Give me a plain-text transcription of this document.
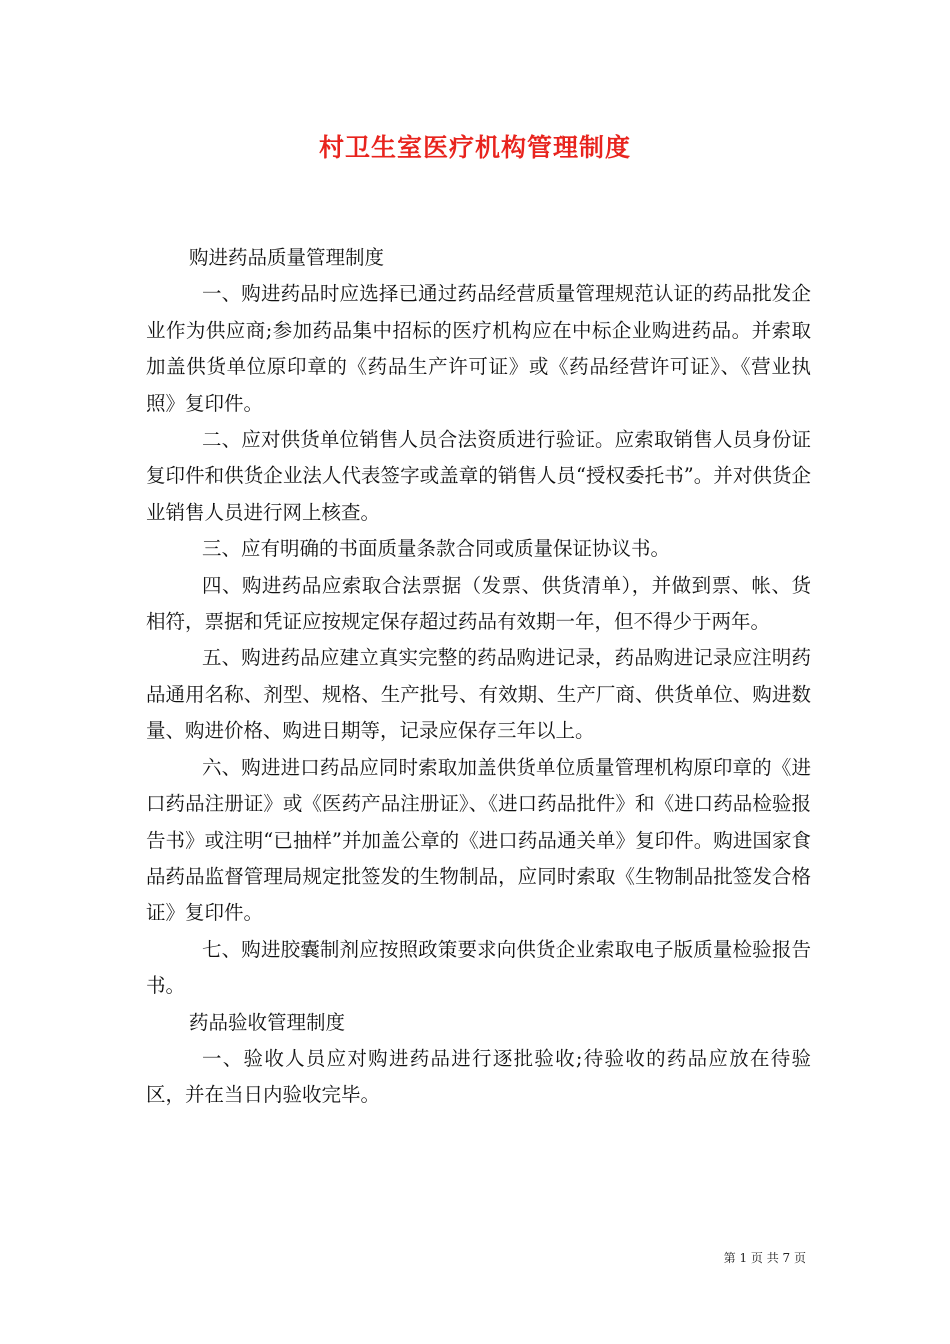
村卫生室医疗机构管理制度

购进药品质量管理制度

一、购进药品时应选择已通过药品经营质量管理规范认证的药品批发企业作为供应商;参加药品集中招标的医疗机构应在中标企业购进药品。并索取加盖供货单位原印章的《药品生产许可证》或《药品经营许可证》、《营业执照》复印件。

二、应对供货单位销售人员合法资质进行验证。应索取销售人员身份证复印件和供货企业法人代表签字或盖章的销售人员“授权委托书”。并对供货企业销售人员进行网上核查。

三、应有明确的书面质量条款合同或质量保证协议书。

四、购进药品应索取合法票据（发票、供货清单），并做到票、帐、货相符，票据和凭证应按规定保存超过药品有效期一年，但不得少于两年。

五、购进药品应建立真实完整的药品购进记录，药品购进记录应注明药品通用名称、剂型、规格、生产批号、有效期、生产厂商、供货单位、购进数量、购进价格、购进日期等，记录应保存三年以上。

六、购进进口药品应同时索取加盖供货单位质量管理机构原印章的《进口药品注册证》或《医药产品注册证》、《进口药品批件》和《进口药品检验报告书》或注明“已抽样”并加盖公章的《进口药品通关单》复印件。购进国家食品药品监督管理局规定批签发的生物制品，应同时索取《生物制品批签发合格证》复印件。

七、购进胶囊制剂应按照政策要求向供货企业索取电子版质量检验报告书。

药品验收管理制度

一、验收人员应对购进药品进行逐批验收;待验收的药品应放在待验区，并在当日内验收完毕。

第 1 页 共 7 页
